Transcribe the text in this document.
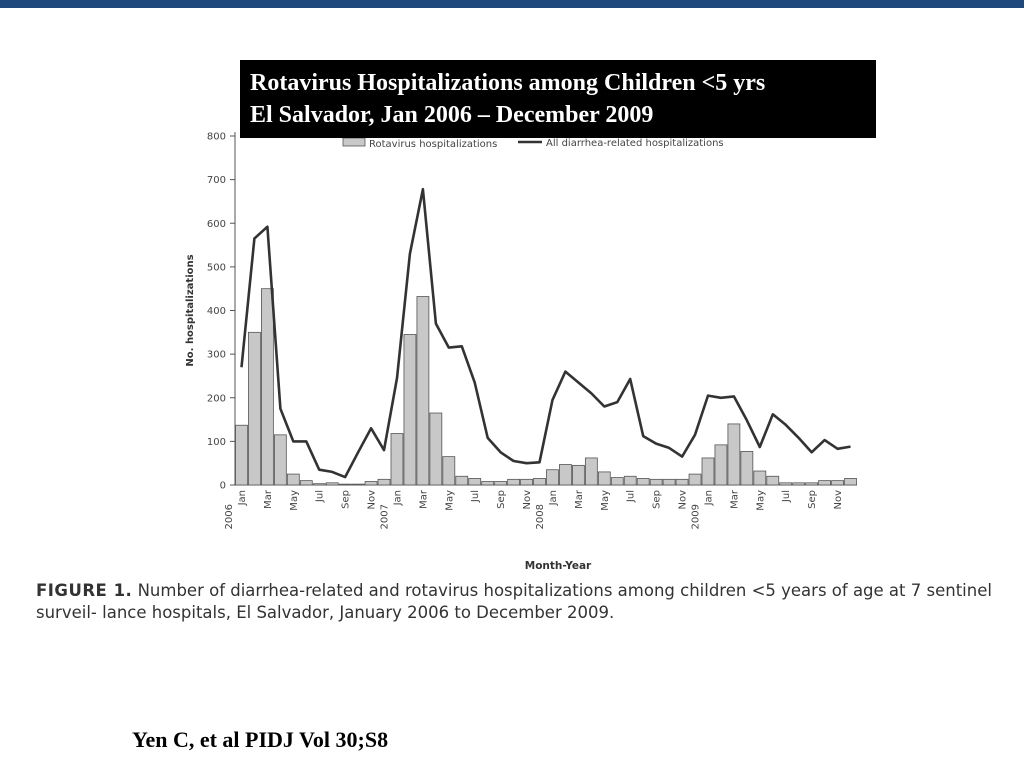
Rotavirus Hospitalizations among Children <5 yrs
El Salvador, Jan 2006 – December 2009
0
100
200
300
400
500
600
700
800
No. hospitalizations
Jan Mar May Jul Sep Nov Jan Mar May Jul Sep Nov Jan Mar May Jul Sep Nov Jan Mar May Jul Sep Nov
2006	2007	2008	2009
Month-Year
Rotavirus hospitalizations	All diarrhea-related hospitalizations
FIGURE 1. Number of diarrhea-related and rotavirus hospitalizations among children <5 years of age at 7 sentinel surveil- lance hospitals, El Salvador, January 2006 to December 2009.
Yen C, et al PIDJ Vol 30;S8
